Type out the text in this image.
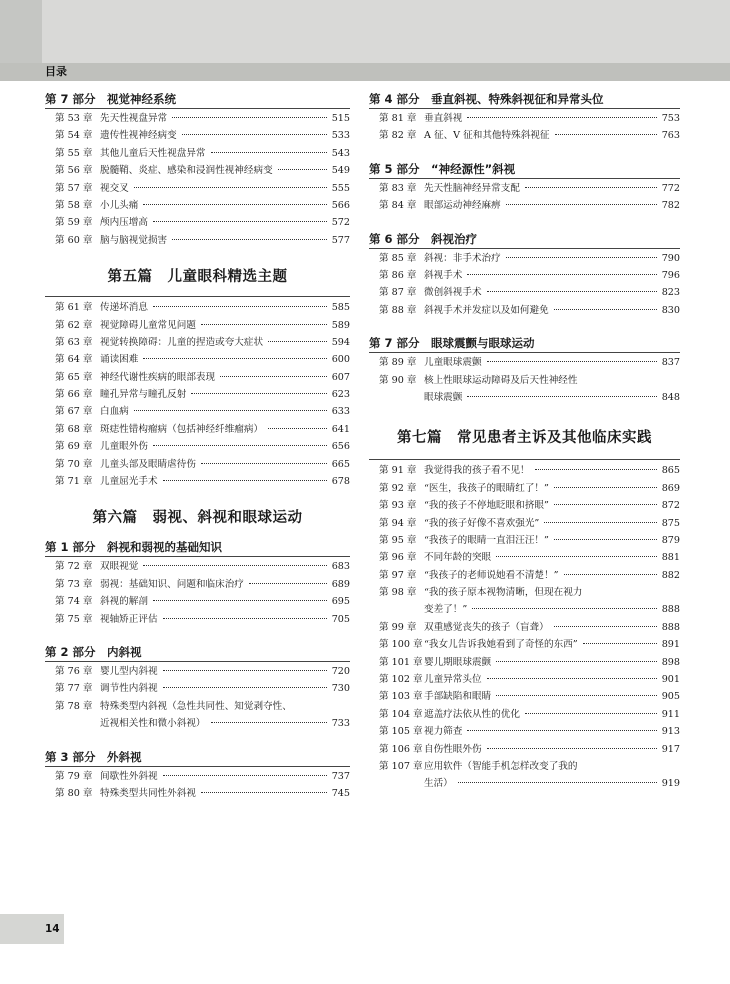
目录
第 7 部分　视觉神经系统
第 53 章 先天性视盘异常	515
第 54 章 遗传性视神经病变	533
第 55 章 其他儿童后天性视盘异常	543
第 56 章 脱髓鞘、炎症、感染和浸润性视神经病变	549
第 57 章 视交叉	555
第 58 章 小儿头痛	566
第 59 章 颅内压增高	572
第 60 章 脑与脑视觉损害	577
第五篇　儿童眼科精选主题
第 61 章 传递坏消息	585
第 62 章 视觉障碍儿童常见问题	589
第 63 章 视觉转换障碍：儿童的捏造或夸大症状	594
第 64 章 诵读困难	600
第 65 章 神经代谢性疾病的眼部表现	607
第 66 章 瞳孔异常与瞳孔反射	623
第 67 章 白血病	633
第 68 章 斑痣性错构瘤病（包括神经纤维瘤病）	641
第 69 章 儿童眼外伤	656
第 70 章 儿童头部及眼睛虐待伤	665
第 71 章 儿童屈光手术	678
第六篇　弱视、斜视和眼球运动
第 1 部分　斜视和弱视的基础知识
第 72 章 双眼视觉	683
第 73 章 弱视：基础知识、问题和临床治疗	689
第 74 章 斜视的解剖	695
第 75 章 视轴矫正评估	705
第 2 部分　内斜视
第 76 章 婴儿型内斜视	720
第 77 章 调节性内斜视	730
第 78 章 特殊类型内斜视（急性共同性、知觉剥夺性、
近视相关性和微小斜视）	733
第 3 部分　外斜视
第 79 章 间歇性外斜视	737
第 80 章 特殊类型共同性外斜视	745
第 4 部分　垂直斜视、特殊斜视征和异常头位
第 81 章 垂直斜视	753
第 82 章 A 征、V 征和其他特殊斜视征	763
第 5 部分　“神经源性”斜视
第 83 章 先天性脑神经异常支配	772
第 84 章 眼部运动神经麻痹	782
第 6 部分　斜视治疗
第 85 章 斜视：非手术治疗	790
第 86 章 斜视手术	796
第 87 章 微创斜视手术	823
第 88 章 斜视手术并发症以及如何避免	830
第 7 部分　眼球震颤与眼球运动
第 89 章 儿童眼球震颤	837
第 90 章 核上性眼球运动障碍及后天性神经性
眼球震颤	848
第七篇　常见患者主诉及其他临床实践
第 91 章 我觉得我的孩子看不见！	865
第 92 章 “医生，我孩子的眼睛红了！”	869
第 93 章 “我的孩子不停地眨眼和挤眼”	872
第 94 章 “我的孩子好像不喜欢强光”	875
第 95 章 “我孩子的眼睛一直泪汪汪！”	879
第 96 章 不同年龄的突眼	881
第 97 章 “我孩子的老师说她看不清楚！”	882
第 98 章 “我的孩子原本视物清晰，但现在视力
变差了！”	888
第 99 章 双重感觉丧失的孩子（盲聋）	888
第 100 章 “我女儿告诉我她看到了奇怪的东西”	891
第 101 章 婴儿期眼球震颤	898
第 102 章 儿童异常头位	901
第 103 章 手部缺陷和眼睛	905
第 104 章 遮盖疗法依从性的优化	911
第 105 章 视力筛查	913
第 106 章 自伤性眼外伤	917
第 107 章 应用软件（智能手机怎样改变了我的
生活）	919
14
